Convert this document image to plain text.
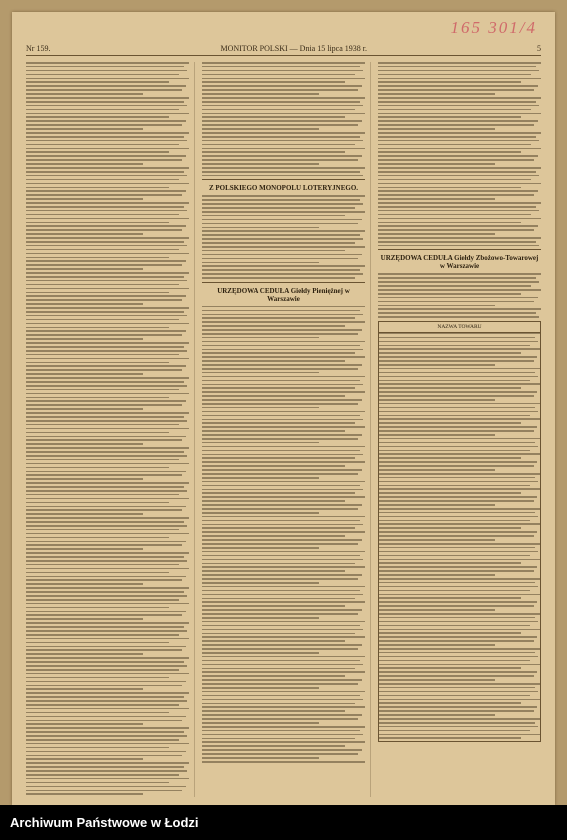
165 301/4
Nr 159.	MONITOR POLSKI — Dnia 15 lipca 1938 r.	5
Z POLSKIEGO MONOPOLU LOTERYJNEGO.
URZĘDOWA CEDUŁA Giełdy Pieniężnej w Warszawie
URZĘDOWA CEDUŁA Giełdy Zbożowo-Towarowej w Warszawie
NAZWA TOWARU
Archiwum Państwowe w Łodzi
